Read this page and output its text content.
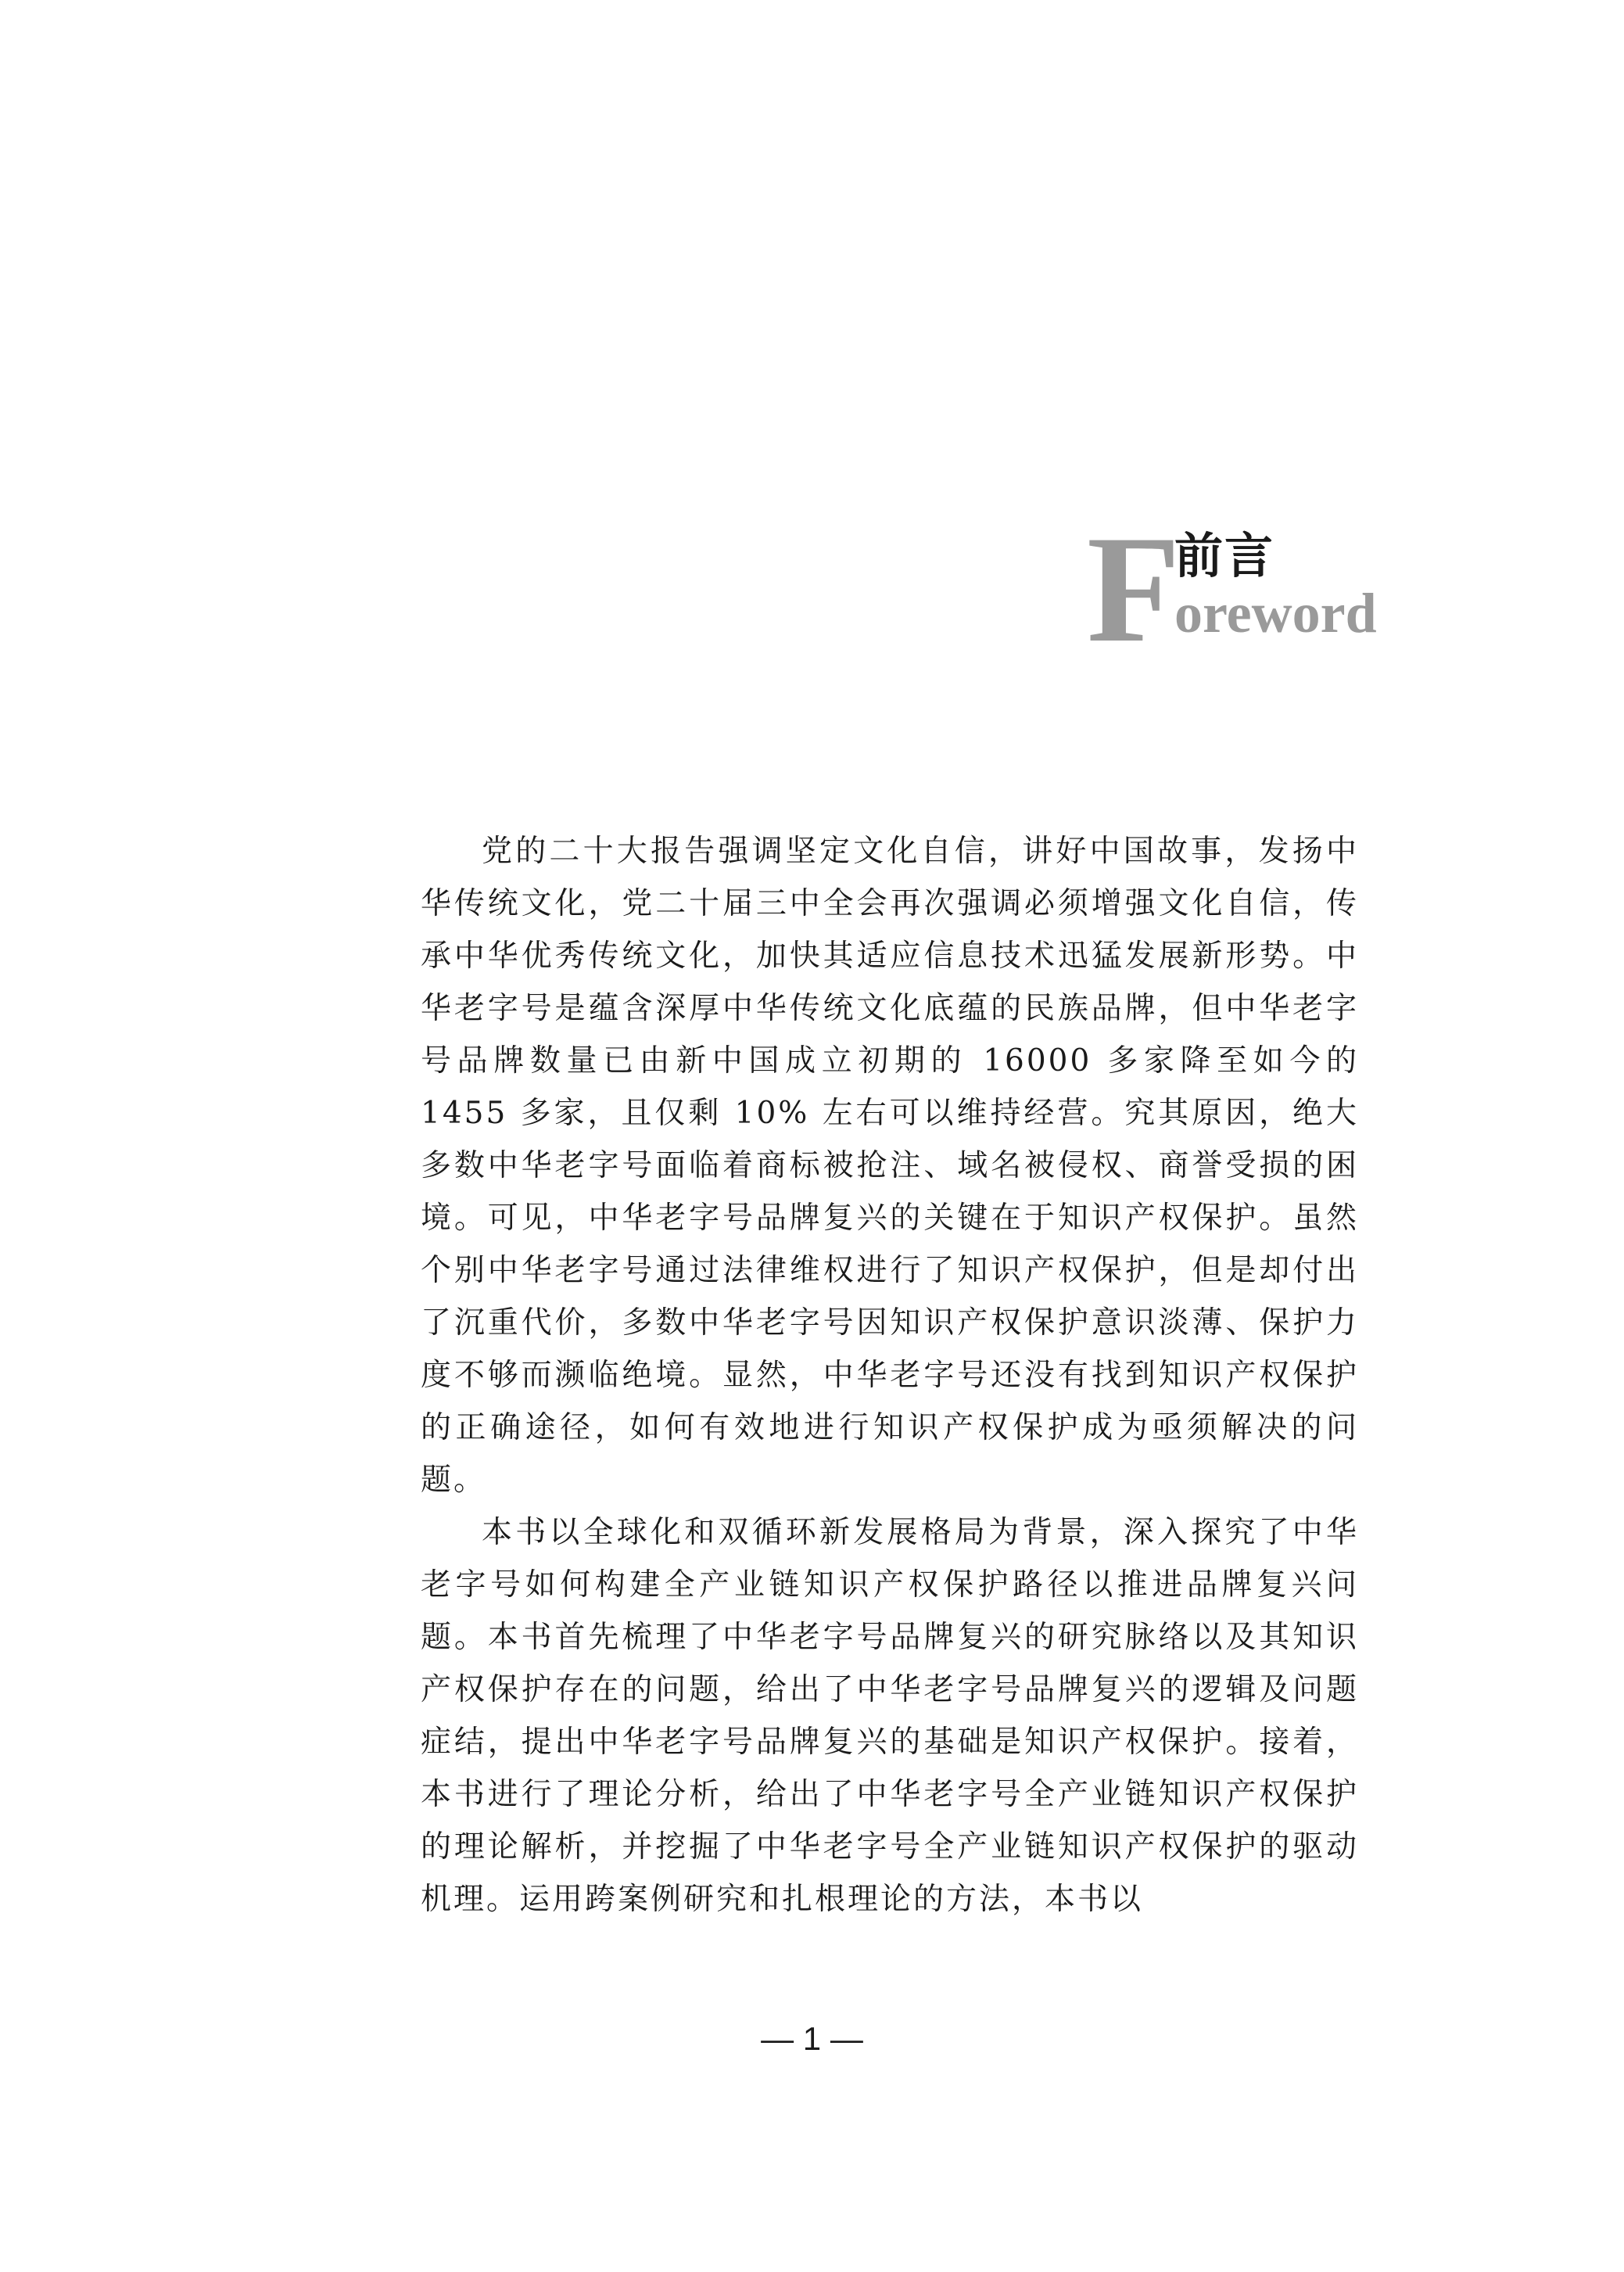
F
前言
oreword

党的二十大报告强调坚定文化自信，讲好中国故事，发扬中华传统文化，党二十届三中全会再次强调必须增强文化自信，传承中华优秀传统文化，加快其适应信息技术迅猛发展新形势。中华老字号是蕴含深厚中华传统文化底蕴的民族品牌，但中华老字号品牌数量已由新中国成立初期的 16000 多家降至如今的 1455 多家，且仅剩 10% 左右可以维持经营。究其原因，绝大多数中华老字号面临着商标被抢注、域名被侵权、商誉受损的困境。可见，中华老字号品牌复兴的关键在于知识产权保护。虽然个别中华老字号通过法律维权进行了知识产权保护，但是却付出了沉重代价，多数中华老字号因知识产权保护意识淡薄、保护力度不够而濒临绝境。显然，中华老字号还没有找到知识产权保护的正确途径，如何有效地进行知识产权保护成为亟须解决的问题。

本书以全球化和双循环新发展格局为背景，深入探究了中华老字号如何构建全产业链知识产权保护路径以推进品牌复兴问题。本书首先梳理了中华老字号品牌复兴的研究脉络以及其知识产权保护存在的问题，给出了中华老字号品牌复兴的逻辑及问题症结，提出中华老字号品牌复兴的基础是知识产权保护。接着，本书进行了理论分析，给出了中华老字号全产业链知识产权保护的理论解析，并挖掘了中华老字号全产业链知识产权保护的驱动机理。运用跨案例研究和扎根理论的方法，本书以

— 1 —
